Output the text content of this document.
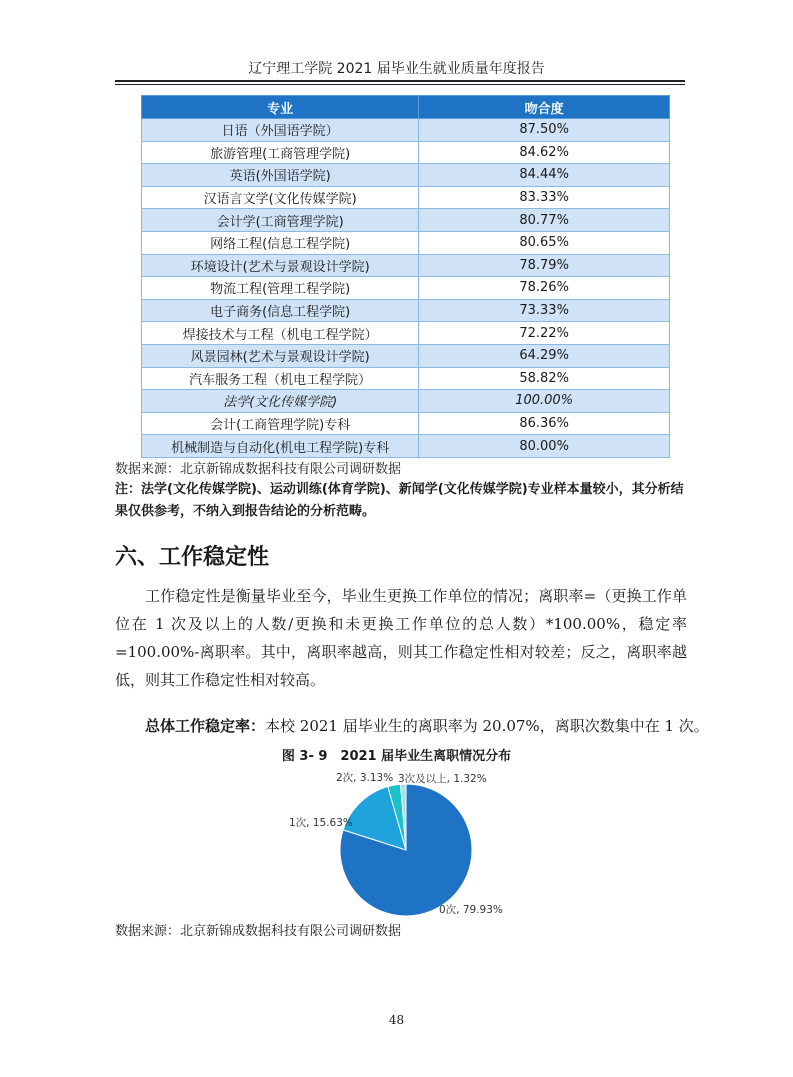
辽宁理工学院 2021 届毕业生就业质量年度报告
专业	吻合度
日语（外国语学院）	87.50%
旅游管理(工商管理学院)	84.62%
英语(外国语学院)	84.44%
汉语言文学(文化传媒学院)	83.33%
会计学(工商管理学院)	80.77%
网络工程(信息工程学院)	80.65%
环境设计(艺术与景观设计学院)	78.79%
物流工程(管理工程学院)	78.26%
电子商务(信息工程学院)	73.33%
焊接技术与工程（机电工程学院）	72.22%
风景园林(艺术与景观设计学院)	64.29%
汽车服务工程（机电工程学院）	58.82%
法学(文化传媒学院)	100.00%
会计(工商管理学院)专科	86.36%
机械制造与自动化(机电工程学院)专科	80.00%
数据来源：北京新锦成数据科技有限公司调研数据
注：法学(文化传媒学院)、运动训练(体育学院)、新闻学(文化传媒学院)专业样本量较小，其分析结果仅供参考，不纳入到报告结论的分析范畴。
六、工作稳定性
工作稳定性是衡量毕业至今，毕业生更换工作单位的情况；离职率=（更换工作单位在 1 次及以上的人数/更换和未更换工作单位的总人数）*100.00%，稳定率=100.00%-离职率。其中，离职率越高，则其工作稳定性相对较差；反之，离职率越低，则其工作稳定性相对较高。
总体工作稳定率：本校 2021 届毕业生的离职率为 20.07%，离职次数集中在 1 次。
图 3- 9　2021 届毕业生离职情况分布
2次, 3.13% 3次及以上, 1.32%
1次, 15.63%
0次, 79.93%
数据来源：北京新锦成数据科技有限公司调研数据
48
